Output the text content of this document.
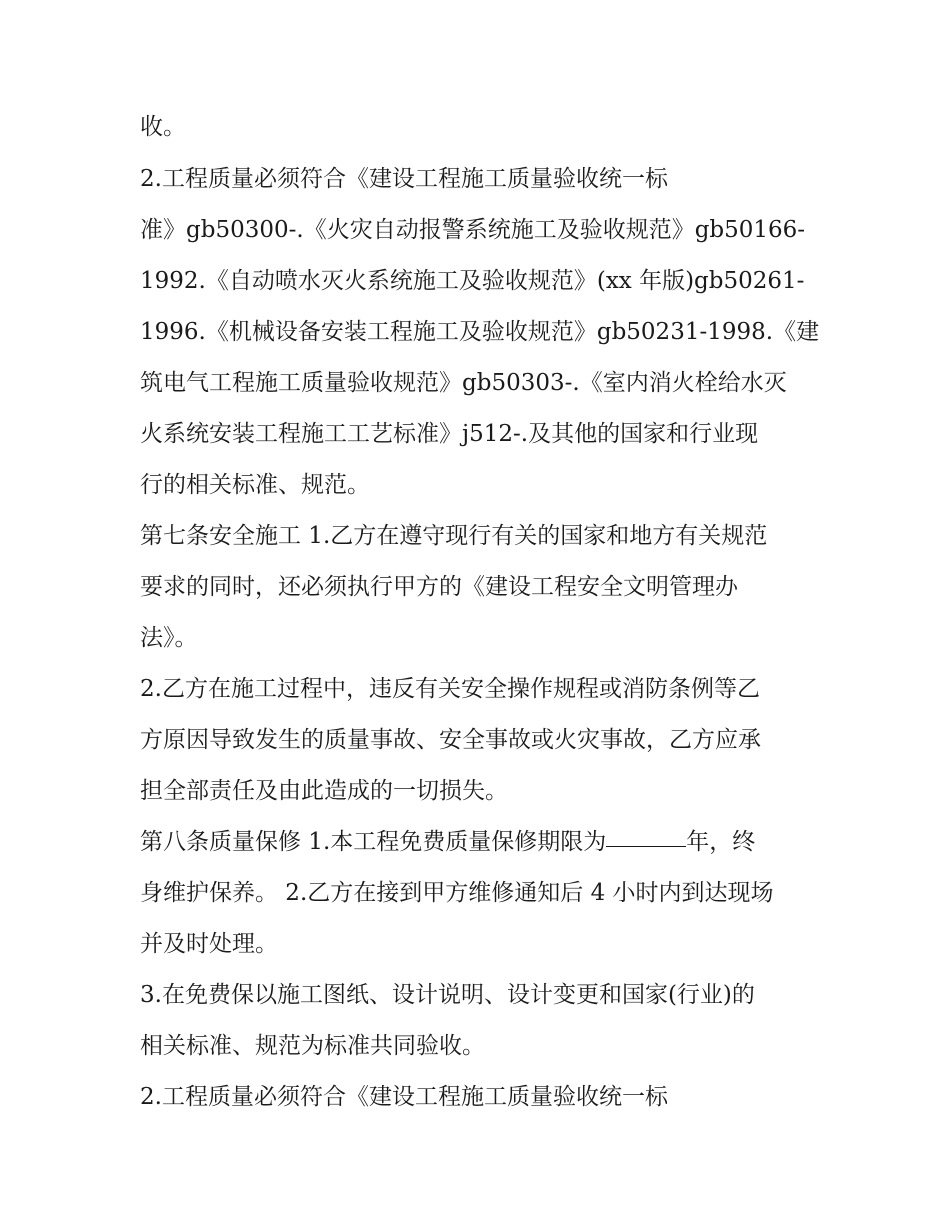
收。
2.工程质量必须符合《建设工程施工质量验收统一标
准》gb50300-.《火灾自动报警系统施工及验收规范》gb50166-
1992.《自动喷水灭火系统施工及验收规范》(xx 年版)gb50261-
1996.《机械设备安装工程施工及验收规范》gb50231-1998.《建
筑电气工程施工质量验收规范》gb50303-.《室内消火栓给水灭
火系统安装工程施工工艺标准》j512-.及其他的国家和行业现
行的相关标准、规范。
第七条安全施工 1.乙方在遵守现行有关的国家和地方有关规范
要求的同时，还必须执行甲方的《建设工程安全文明管理办
法》。
2.乙方在施工过程中，违反有关安全操作规程或消防条例等乙
方原因导致发生的质量事故、安全事故或火灾事故，乙方应承
担全部责任及由此造成的一切损失。
第八条质量保修 1.本工程免费质量保修期限为	年，终
身维护保养。 2.乙方在接到甲方维修通知后 4 小时内到达现场
并及时处理。
3.在免费保以施工图纸、设计说明、设计变更和国家(行业)的
相关标准、规范为标准共同验收。
2.工程质量必须符合《建设工程施工质量验收统一标
